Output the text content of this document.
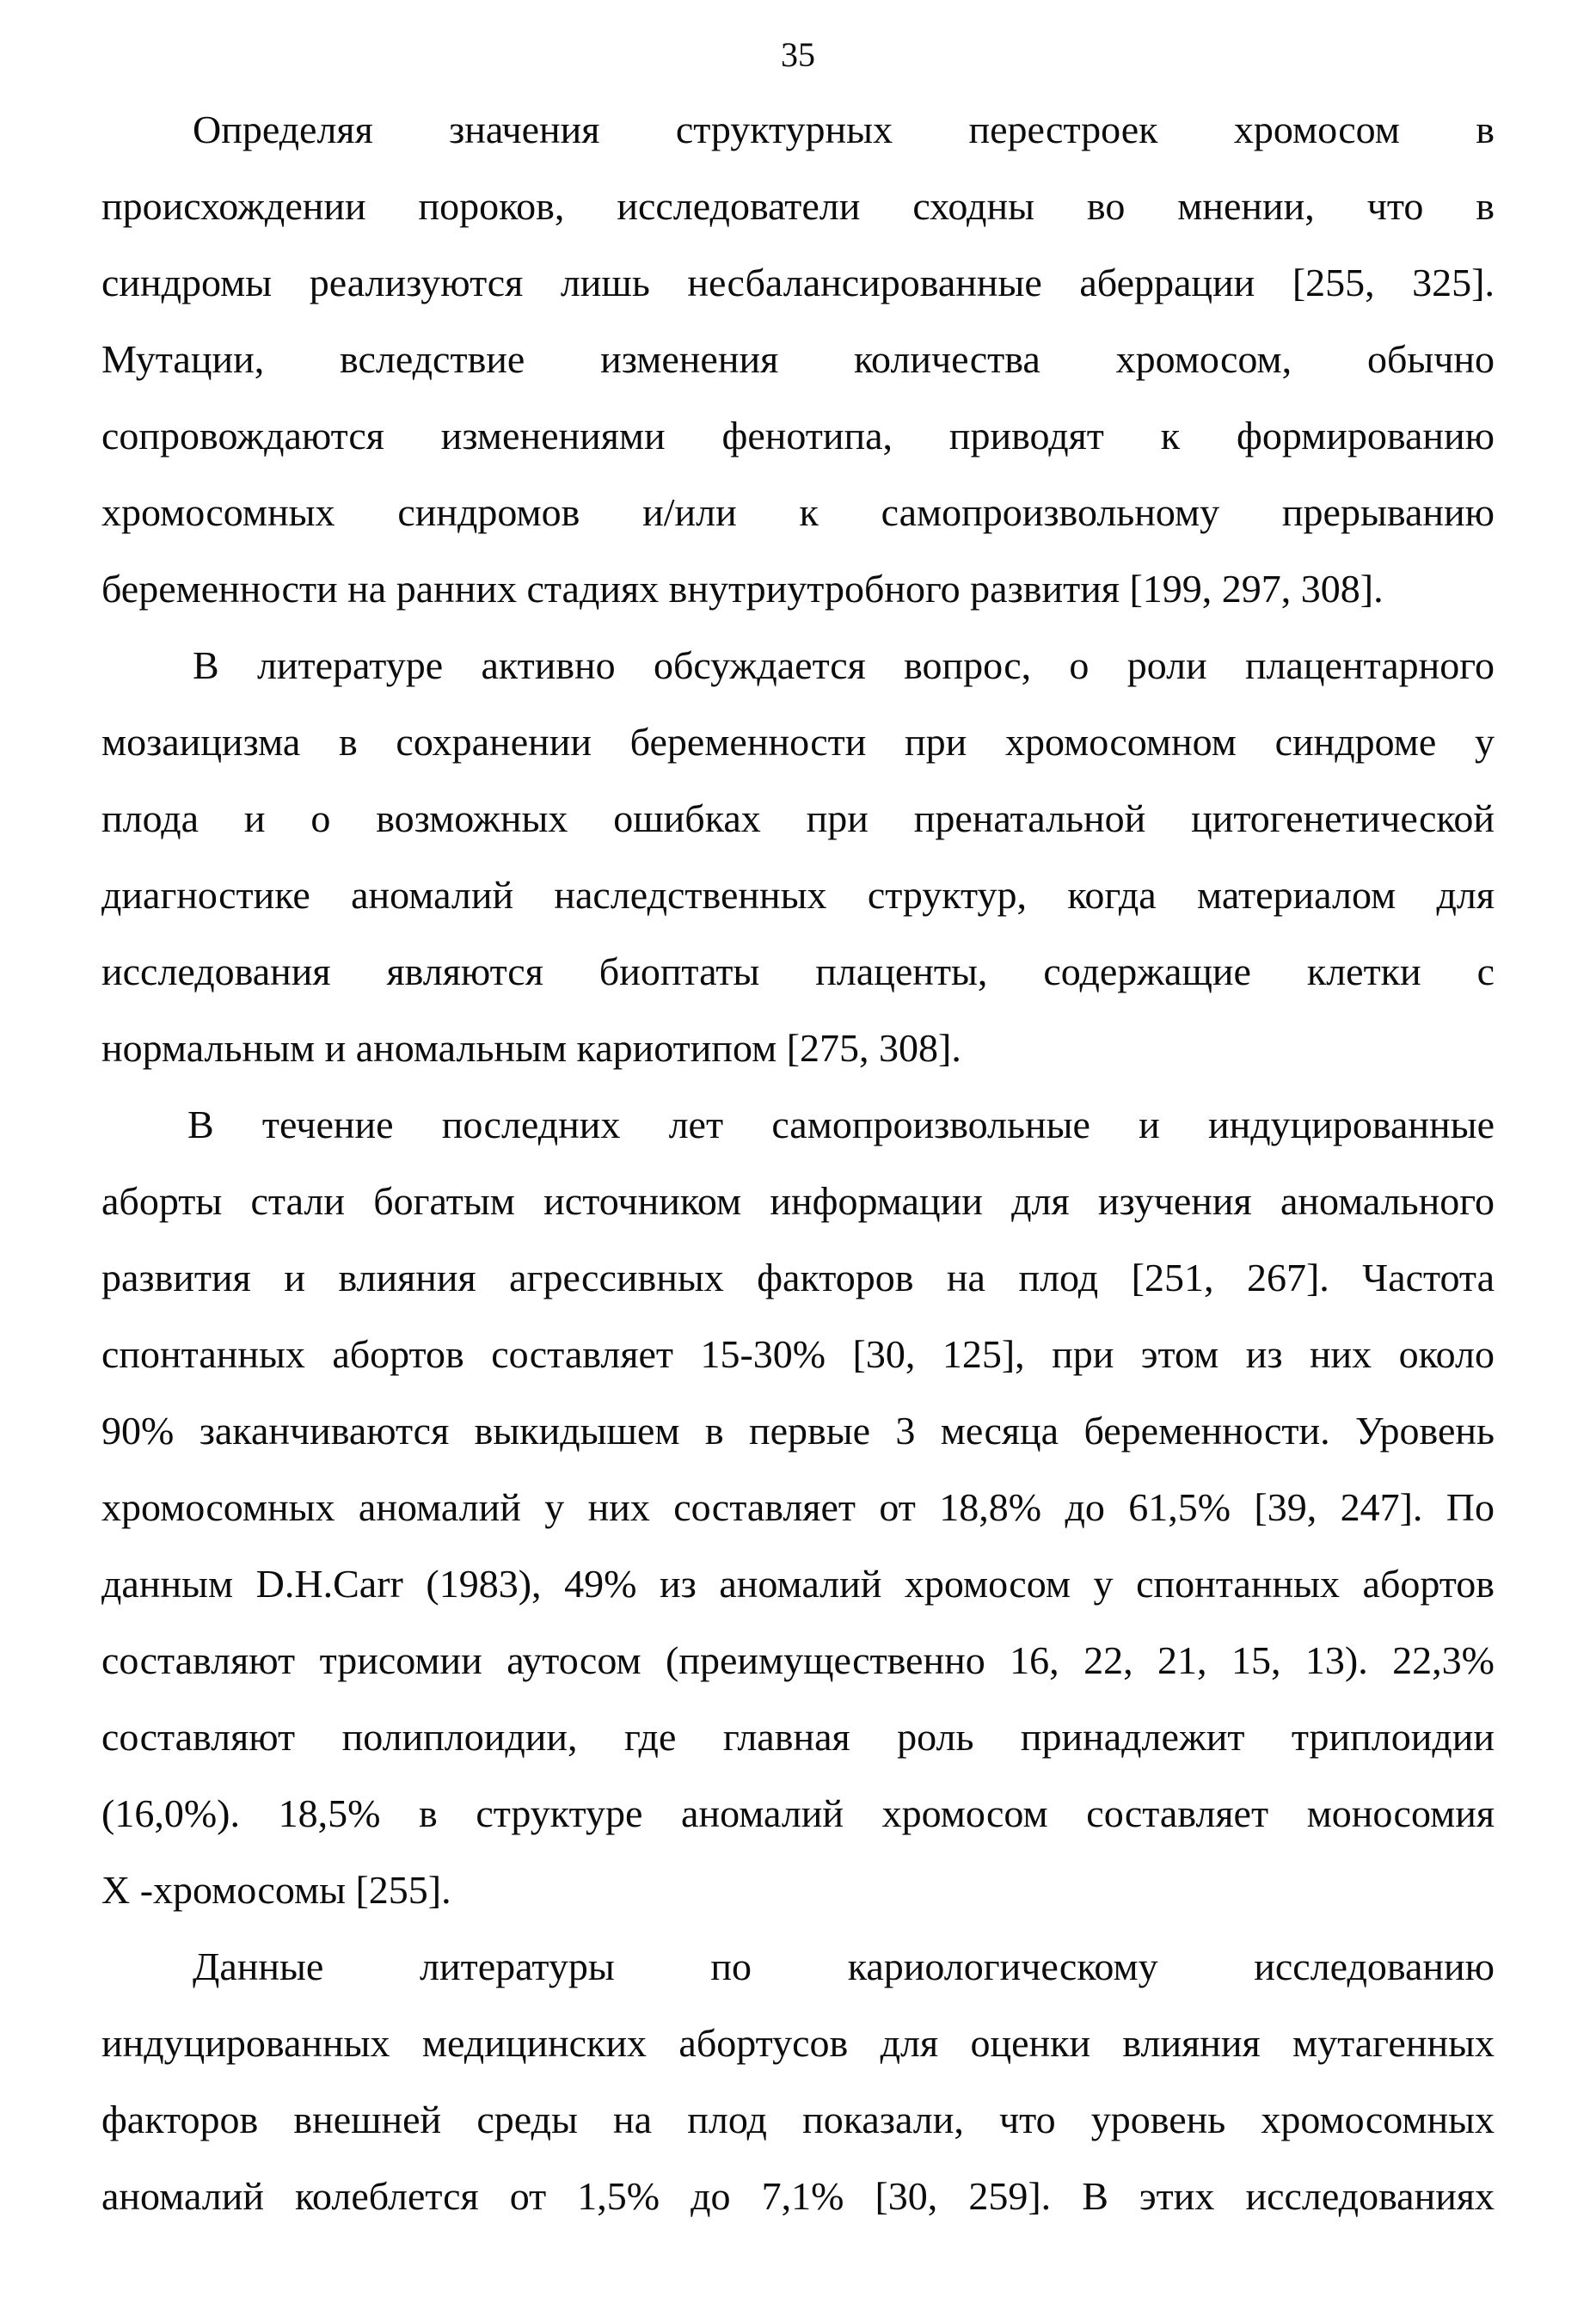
35
Определяя значения структурных перестроек хромосом в
происхождении пороков, исследователи сходны во мнении, что в
синдромы реализуются лишь несбалансированные аберрации [255, 325].
Мутации, вследствие изменения количества хромосом, обычно
сопровождаются изменениями фенотипа, приводят к формированию
хромосомных синдромов и/или к самопроизвольному прерыванию
беременности на ранних стадиях внутриутробного развития [199, 297, 308].
В литературе активно обсуждается вопрос, о роли плацентарного
мозаицизма в сохранении беременности при хромосомном синдроме у
плода и о возможных ошибках при пренатальной цитогенетической
диагностике аномалий наследственных структур, когда материалом для
исследования являются биоптаты плаценты, содержащие клетки с
нормальным и аномальным кариотипом [275, 308].
В течение последних лет самопроизвольные и индуцированные
аборты стали богатым источником информации для изучения аномального
развития и влияния агрессивных факторов на плод [251, 267]. Частота
спонтанных абортов составляет 15-30% [30, 125], при этом из них около
90% заканчиваются выкидышем в первые 3 месяца беременности. Уровень
хромосомных аномалий у них составляет от 18,8% до 61,5% [39, 247]. По
данным D.H.Carr (1983), 49% из аномалий хромосом у спонтанных абортов
составляют трисомии аутосом (преимущественно 16, 22, 21, 15, 13). 22,3%
составляют полиплоидии, где главная роль принадлежит триплоидии
(16,0%). 18,5% в структуре аномалий хромосом составляет моносомия
X -хромосомы [255].
Данные литературы по кариологическому исследованию
индуцированных медицинских абортусов для оценки влияния мутагенных
факторов внешней среды на плод показали, что уровень хромосомных
аномалий колеблется от 1,5% до 7,1% [30, 259]. В этих исследованиях
